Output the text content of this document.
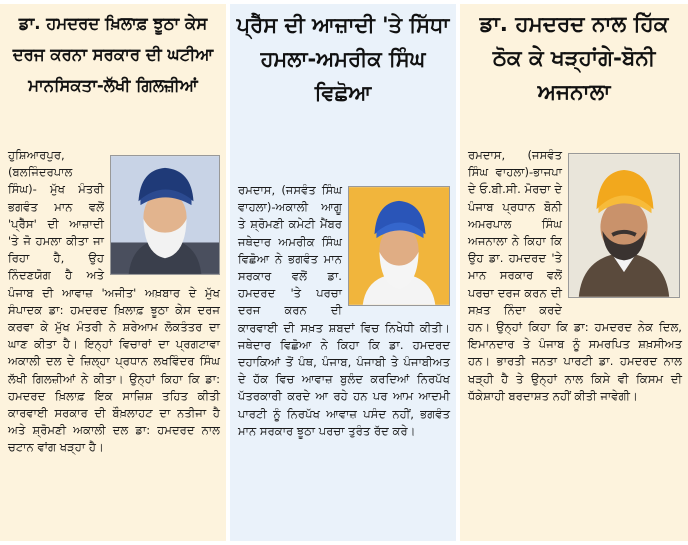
ਡਾ. ਹਮਦਰਦ ਖ਼ਿਲਾਫ਼ ਝੂਠਾ ਕੇਸ ਦਰਜ ਕਰਨਾ ਸਰਕਾਰ ਦੀ ਘਟੀਆ ਮਾਨਸਿਕਤਾ-ਲੱਖੀ ਗਿਲਜ਼ੀਆਂ
ਹੁਸ਼ਿਆਰਪੁਰ, (ਬਲਜਿੰਦਰਪਾਲ ਸਿੰਘ)- ਮੁੱਖ ਮੰਤਰੀ ਭਗਵੰਤ ਮਾਨ ਵਲੋਂ 'ਪ੍ਰੈੱਸ' ਦੀ ਆਜ਼ਾਦੀ 'ਤੇ ਜੋ ਹਮਲਾ ਕੀਤਾ ਜਾ ਰਿਹਾ ਹੈ, ਉਹ ਨਿੰਦਣਯੋਗ ਹੈ ਅਤੇ ਪੰਜਾਬ ਦੀ ਆਵਾਜ਼ 'ਅਜੀਤ' ਅਖ਼ਬਾਰ ਦੇ ਮੁੱਖ ਸੰਪਾਦਕ ਡਾ: ਹਮਦਰਦ ਖ਼ਿਲਾਫ਼ ਝੂਠਾ ਕੇਸ ਦਰਜ ਕਰਵਾ ਕੇ ਮੁੱਖ ਮੰਤਰੀ ਨੇ ਸ਼ਰੇਆਮ ਲੋਕਤੰਤਰ ਦਾ ਘਾਣ ਕੀਤਾ ਹੈ। ਇਨ੍ਹਾਂ ਵਿਚਾਰਾਂ ਦਾ ਪ੍ਰਗਟਾਵਾ ਅਕਾਲੀ ਦਲ ਦੇ ਜ਼ਿਲ੍ਹਾ ਪ੍ਰਧਾਨ ਲਖਵਿੰਦਰ ਸਿੰਘ ਲੱਖੀ ਗਿਲਜ਼ੀਆਂ ਨੇ ਕੀਤਾ। ਉਨ੍ਹਾਂ ਕਿਹਾ ਕਿ ਡਾ: ਹਮਦਰਦ ਖ਼ਿਲਾਫ਼ ਇਕ ਸਾਜ਼ਿਸ਼ ਤਹਿਤ ਕੀਤੀ ਕਾਰਵਾਈ ਸਰਕਾਰ ਦੀ ਬੌਖ਼ਲਾਹਟ ਦਾ ਨਤੀਜਾ ਹੈ ਅਤੇ ਸ਼੍ਰੋਮਣੀ ਅਕਾਲੀ ਦਲ ਡਾ: ਹਮਦਰਦ ਨਾਲ ਚਟਾਨ ਵਾਂਗ ਖੜ੍ਹਾ ਹੈ।
ਪ੍ਰੈੱਸ ਦੀ ਆਜ਼ਾਦੀ 'ਤੇ ਸਿੱਧਾ ਹਮਲਾ-ਅਮਰੀਕ ਸਿੰਘ ਵਿਛੋਆ
ਰਮਦਾਸ, (ਜਸਵੰਤ ਸਿੰਘ ਵਾਹਲਾ)-ਅਕਾਲੀ ਆਗੂ ਤੇ ਸ਼੍ਰੋਮਣੀ ਕਮੇਟੀ ਮੈਂਬਰ ਜਥੇਦਾਰ ਅਮਰੀਕ ਸਿੰਘ ਵਿਛੋਆ ਨੇ ਭਗਵੰਤ ਮਾਨ ਸਰਕਾਰ ਵਲੋਂ ਡਾ. ਹਮਦਰਦ 'ਤੇ ਪਰਚਾ ਦਰਜ ਕਰਨ ਦੀ ਕਾਰਵਾਈ ਦੀ ਸਖ਼ਤ ਸ਼ਬਦਾਂ ਵਿਚ ਨਿਖੇਧੀ ਕੀਤੀ। ਜਥੇਦਾਰ ਵਿਛੋਆ ਨੇ ਕਿਹਾ ਕਿ ਡਾ. ਹਮਦਰਦ ਦਹਾਕਿਆਂ ਤੋਂ ਪੰਥ, ਪੰਜਾਬ, ਪੰਜਾਬੀ ਤੇ ਪੰਜਾਬੀਅਤ ਦੇ ਹੱਕ ਵਿਚ ਆਵਾਜ਼ ਬੁਲੰਦ ਕਰਦਿਆਂ ਨਿਰਪੱਖ ਪੱਤਰਕਾਰੀ ਕਰਦੇ ਆ ਰਹੇ ਹਨ ਪਰ ਆਮ ਆਦਮੀ ਪਾਰਟੀ ਨੂੰ ਨਿਰਪੱਖ ਆਵਾਜ਼ ਪਸੰਦ ਨਹੀਂ, ਭਗਵੰਤ ਮਾਨ ਸਰਕਾਰ ਝੂਠਾ ਪਰਚਾ ਤੁਰੰਤ ਰੱਦ ਕਰੇ।
ਡਾ. ਹਮਦਰਦ ਨਾਲ ਹਿੱਕ ਠੋਕ ਕੇ ਖੜ੍ਹਾਂਗੇ-ਬੋਨੀ ਅਜਨਾਲਾ
ਰਮਦਾਸ, (ਜਸਵੰਤ ਸਿੰਘ ਵਾਹਲਾ)-ਭਾਜਪਾ ਦੇ ਓ.ਬੀ.ਸੀ. ਮੋਰਚਾ ਦੇ ਪੰਜਾਬ ਪ੍ਰਧਾਨ ਬੋਨੀ ਅਮਰਪਾਲ ਸਿੰਘ ਅਜਨਾਲਾ ਨੇ ਕਿਹਾ ਕਿ ਉਹ ਡਾ. ਹਮਦਰਦ 'ਤੇ ਮਾਨ ਸਰਕਾਰ ਵਲੋਂ ਪਰਚਾ ਦਰਜ ਕਰਨ ਦੀ ਸਖ਼ਤ ਨਿੰਦਾ ਕਰਦੇ ਹਨ। ਉਨ੍ਹਾਂ ਕਿਹਾ ਕਿ ਡਾ: ਹਮਦਰਦ ਨੇਕ ਦਿਲ, ਇਮਾਨਦਾਰ ਤੇ ਪੰਜਾਬ ਨੂੰ ਸਮਰਪਿਤ ਸ਼ਖ਼ਸੀਅਤ ਹਨ। ਭਾਰਤੀ ਜਨਤਾ ਪਾਰਟੀ ਡਾ. ਹਮਦਰਦ ਨਾਲ ਖੜ੍ਹੀ ਹੈ ਤੇ ਉਨ੍ਹਾਂ ਨਾਲ ਕਿਸੇ ਵੀ ਕਿਸਮ ਦੀ ਧੱਕੇਸ਼ਾਹੀ ਬਰਦਾਸ਼ਤ ਨਹੀਂ ਕੀਤੀ ਜਾਵੇਗੀ।
